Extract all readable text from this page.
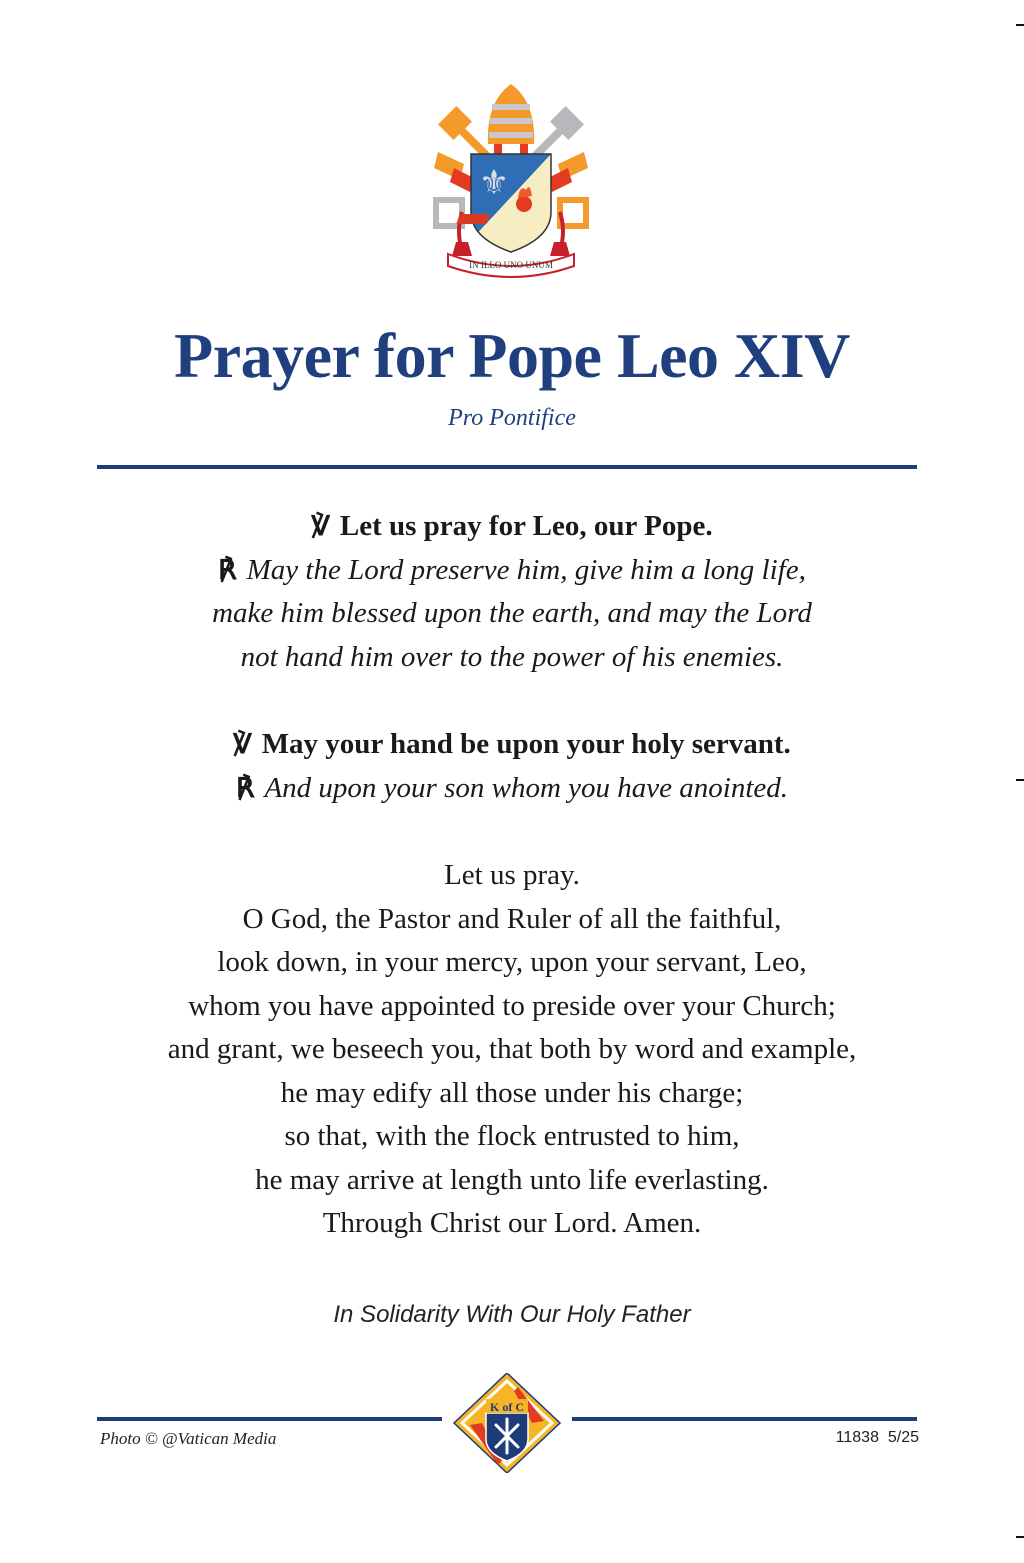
⚜
IN ILLO UNO UNUM
Prayer for Pope Leo XIV
Pro Pontifice
℣ Let us pray for Leo, our Pope.
℟ May the Lord preserve him, give him a long life,
make him blessed upon the earth, and may the Lord
not hand him over to the power of his enemies.
℣ May your hand be upon your holy servant.
℟ And upon your son whom you have anointed.
Let us pray.
O God, the Pastor and Ruler of all the faithful,
look down, in your mercy, upon your servant, Leo,
whom you have appointed to preside over your Church;
and grant, we beseech you, that both by word and example,
he may edify all those under his charge;
so that, with the flock entrusted to him,
he may arrive at length unto life everlasting.
Through Christ our Lord. Amen.
In Solidarity With Our Holy Father
K of C
Photo © @Vatican Media	11838  5/25
